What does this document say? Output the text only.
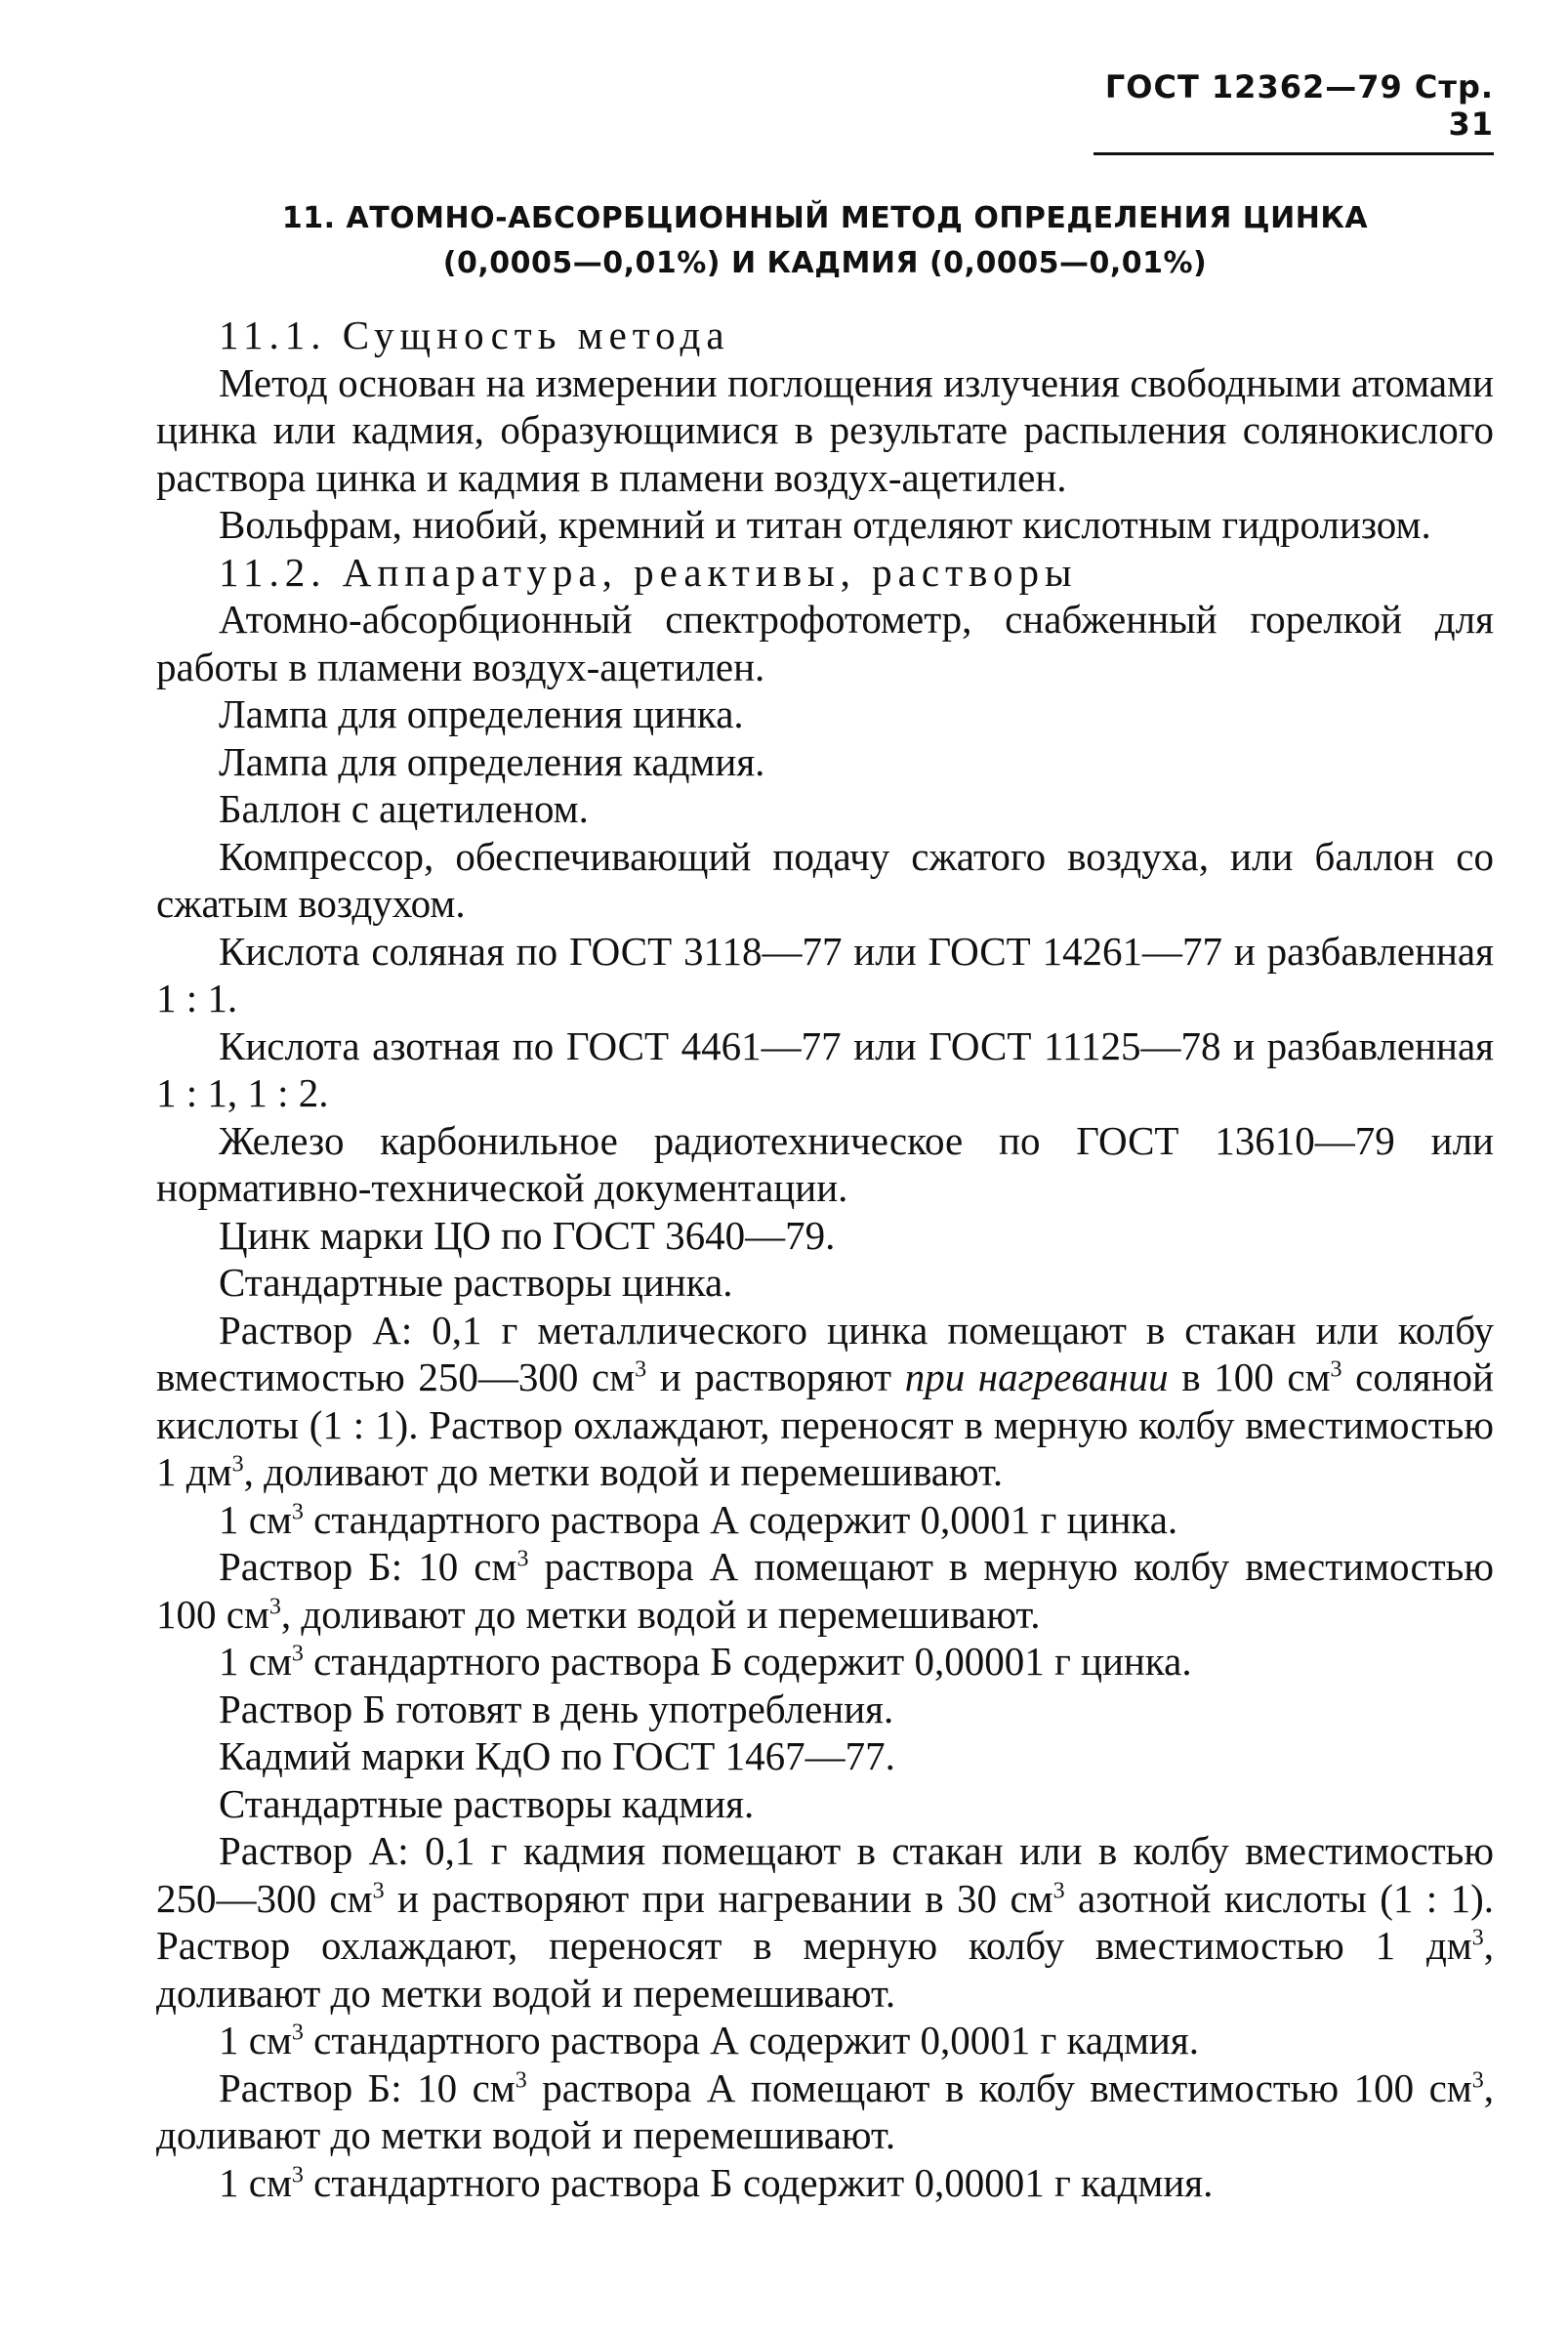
ГОСТ 12362—79 Стр. 31
11. АТОМНО-АБСОРБЦИОННЫЙ МЕТОД ОПРЕДЕЛЕНИЯ ЦИНКА
(0,0005—0,01%) И КАДМИЯ (0,0005—0,01%)

11.1. Сущность метода

Метод основан на измерении поглощения излучения свободными атомами цинка или кадмия, образующимися в результате распыления солянокислого раствора цинка и кадмия в пламени воздух-ацетилен.

Вольфрам, ниобий, кремний и титан отделяют кислотным гидролизом.

11.2. Аппаратура, реактивы, растворы

Атомно-абсорбционный спектрофотометр, снабженный горелкой для работы в пламени воздух-ацетилен.

Лампа для определения цинка.

Лампа для определения кадмия.

Баллон с ацетиленом.

Компрессор, обеспечивающий подачу сжатого воздуха, или баллон со сжатым воздухом.

Кислота соляная по ГОСТ 3118—77 или ГОСТ 14261—77 и разбавленная 1 : 1.

Кислота азотная по ГОСТ 4461—77 или ГОСТ 11125—78 и разбавленная 1 : 1, 1 : 2.

Железо карбонильное радиотехническое по ГОСТ 13610—79 или нормативно-технической документации.

Цинк марки ЦО по ГОСТ 3640—79.

Стандартные растворы цинка.

Раствор А: 0,1 г металлического цинка помещают в стакан или колбу вместимостью 250—300 $см^3$ и растворяют при нагревании в 100 $см^3$ соляной кислоты (1 : 1). Раствор охлаждают, переносят в мерную колбу вместимостью 1 $дм^3$, доливают до метки водой и перемешивают.

1 $см^3$ стандартного раствора А содержит 0,0001 г цинка.

Раствор Б: 10 $см^3$ раствора А помещают в мерную колбу вместимостью 100 $см^3$, доливают до метки водой и перемешивают.

1 $см^3$ стандартного раствора Б содержит 0,00001 г цинка.

Раствор Б готовят в день употребления.

Кадмий марки КдО по ГОСТ 1467—77.

Стандартные растворы кадмия.

Раствор А: 0,1 г кадмия помещают в стакан или в колбу вместимостью 250—300 $см^3$ и растворяют при нагревании в 30 $см^3$ азотной кислоты (1 : 1). Раствор охлаждают, переносят в мерную колбу вместимостью 1 $дм^3$, доливают до метки водой и перемешивают.

1 $см^3$ стандартного раствора А содержит 0,0001 г кадмия.

Раствор Б: 10 $см^3$ раствора А помещают в колбу вместимостью 100 $см^3$, доливают до метки водой и перемешивают.

1 $см^3$ стандартного раствора Б содержит 0,00001 г кадмия.
